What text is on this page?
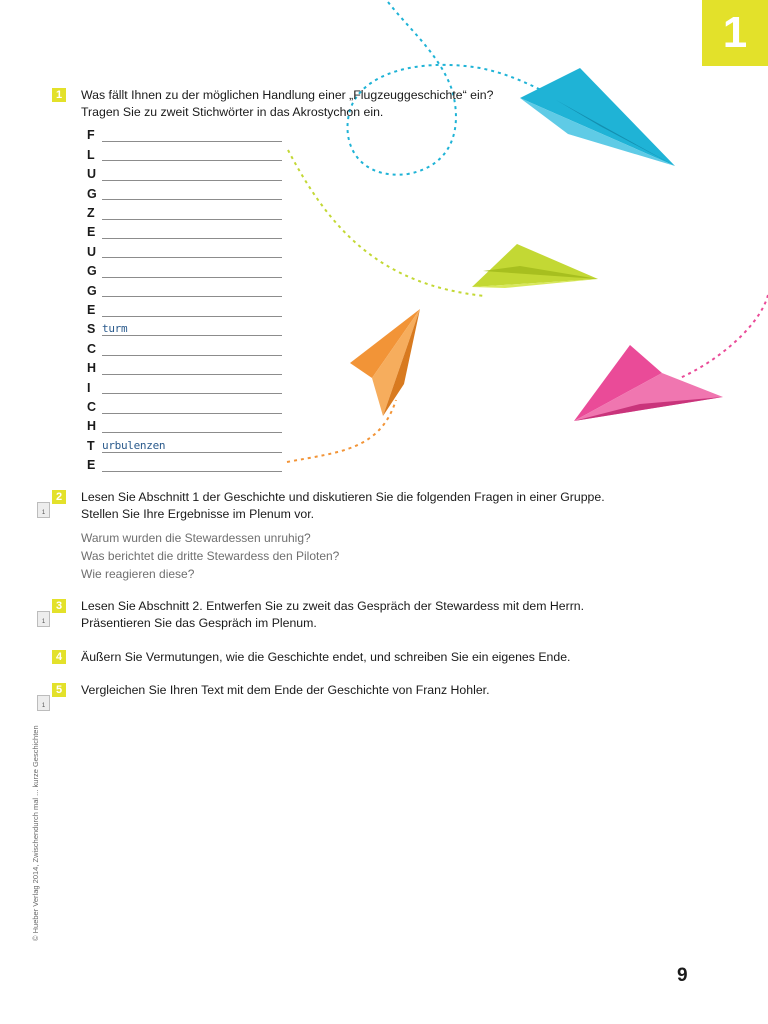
1
1	Was fällt Ihnen zu der möglichen Handlung einer „Flugzeuggeschichte“ ein?
Tragen Sie zu zweit Stichwörter in das Akrostychon ein.
F
L
U
G
Z
E
U
G
G
E
S turm
C
H
I
C
H
T urbulenzen
E
1
2	Lesen Sie Abschnitt 1 der Geschichte und diskutieren Sie die folgenden Fragen in einer Gruppe.
Stellen Sie Ihre Ergebnisse im Plenum vor.
Warum wurden die Stewardessen unruhig?
Was berichtet die dritte Stewardess den Piloten?
Wie reagieren diese?
1
3	Lesen Sie Abschnitt 2. Entwerfen Sie zu zweit das Gespräch der Stewardess mit dem Herrn.
Präsentieren Sie das Gespräch im Plenum.
4	Äußern Sie Vermutungen, wie die Geschichte endet, und schreiben Sie ein eigenes Ende.
1
5	Vergleichen Sie Ihren Text mit dem Ende der Geschichte von Franz Hohler.
© Hueber Verlag 2014, Zwischendurch mal ... kurze Geschichten
9
